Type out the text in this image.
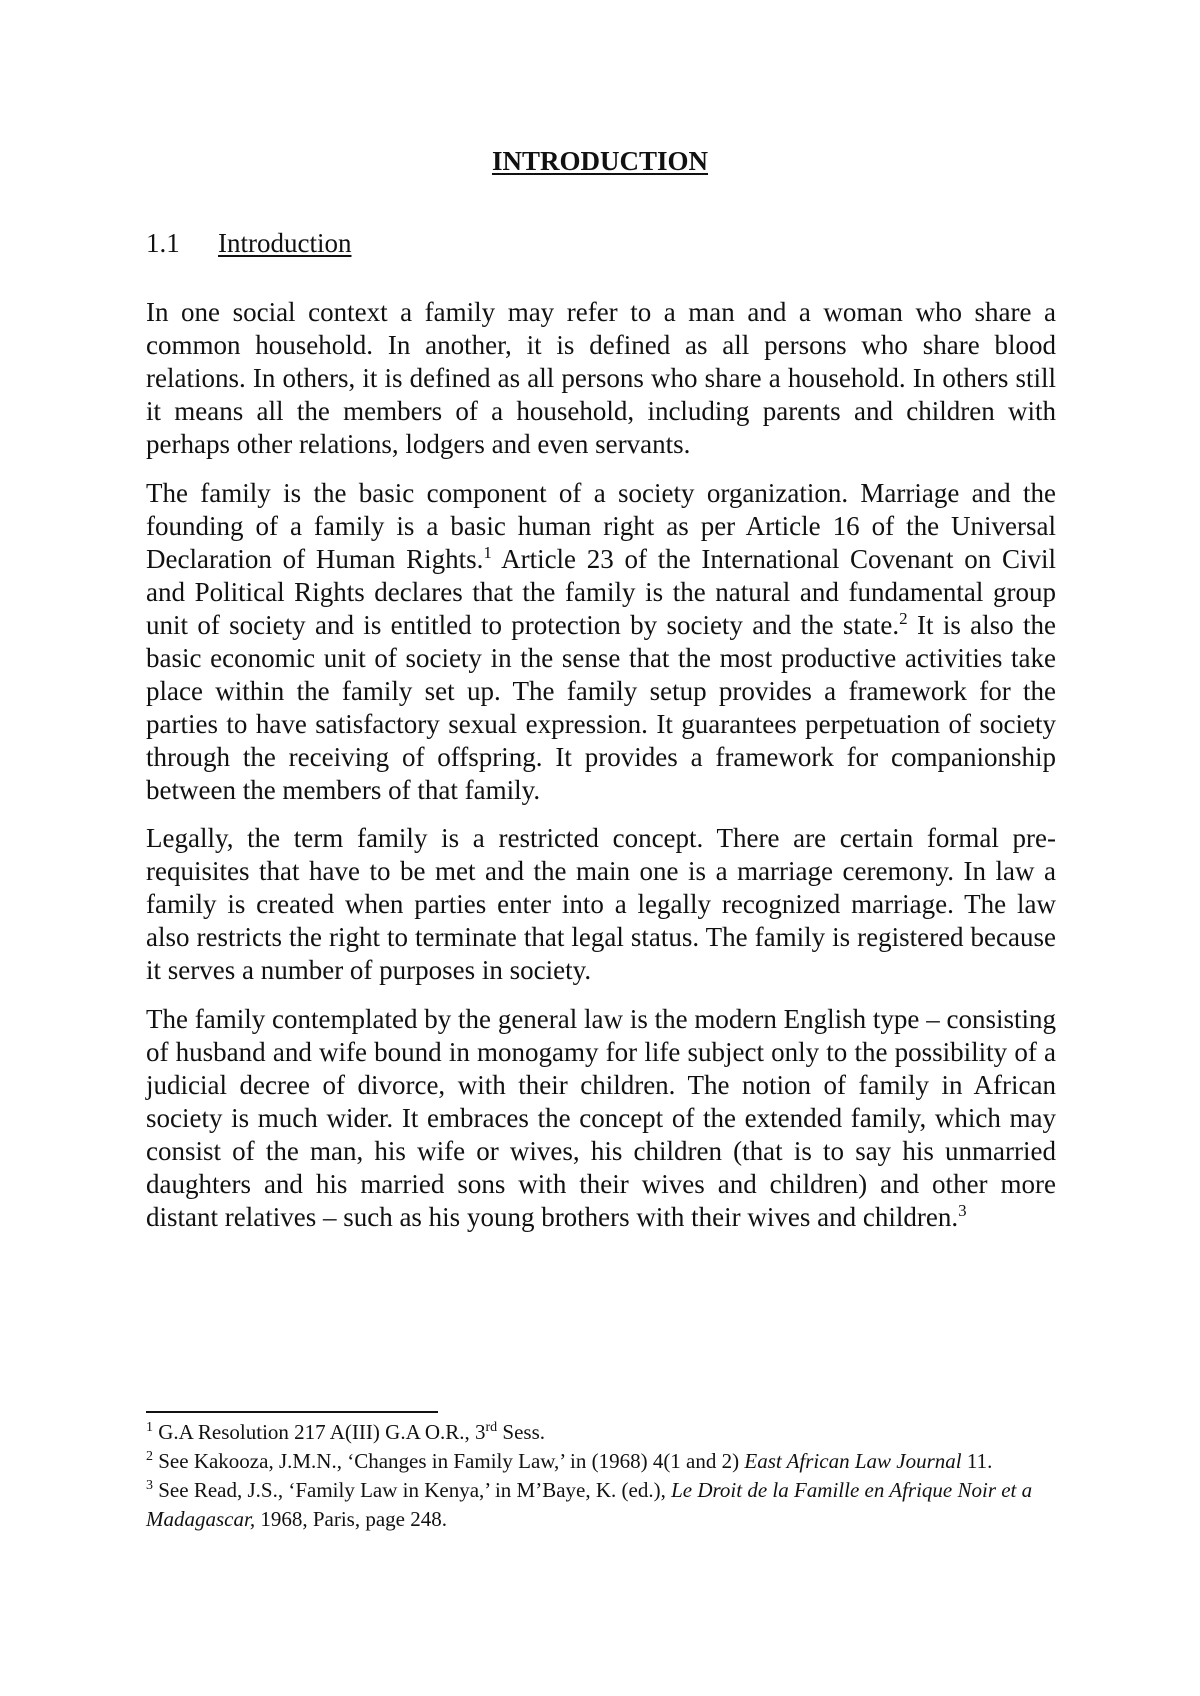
INTRODUCTION
1.1 Introduction

In one social context a family may refer to a man and a woman who share a common household. In another, it is defined as all persons who share blood relations. In others, it is defined as all persons who share a household. In others still it means all the members of a household, including parents and children with perhaps other relations, lodgers and even servants.

The family is the basic component of a society organization. Marriage and the founding of a family is a basic human right as per Article 16 of the Universal Declaration of Human Rights.$^1$ Article 23 of the International Covenant on Civil and Political Rights declares that the family is the natural and fundamental group unit of society and is entitled to protection by society and the state.$^2$ It is also the basic economic unit of society in the sense that the most productive activities take place within the family set up. The family setup provides a framework for the parties to have satisfactory sexual expression. It guarantees perpetuation of society through the receiving of offspring. It provides a framework for companionship between the members of that family.

Legally, the term family is a restricted concept. There are certain formal pre-requisites that have to be met and the main one is a marriage ceremony. In law a family is created when parties enter into a legally recognized marriage. The law also restricts the right to terminate that legal status. The family is registered because it serves a number of purposes in society.

The family contemplated by the general law is the modern English type – consisting of husband and wife bound in monogamy for life subject only to the possibility of a judicial decree of divorce, with their children. The notion of family in African society is much wider. It embraces the concept of the extended family, which may consist of the man, his wife or wives, his children (that is to say his unmarried daughters and his married sons with their wives and children) and other more distant relatives – such as his young brothers with their wives and children.$^3$

$^1$ G.A Resolution 217 A(III) G.A O.R., 3rd Sess.

$^2$ See Kakooza, J.M.N., ‘Changes in Family Law,’ in (1968) 4(1 and 2) East African Law Journal 11.

$^3$ See Read, J.S., ‘Family Law in Kenya,’ in M’Baye, K. (ed.), Le Droit de la Famille en Afrique Noir et a Madagascar, 1968, Paris, page 248.
